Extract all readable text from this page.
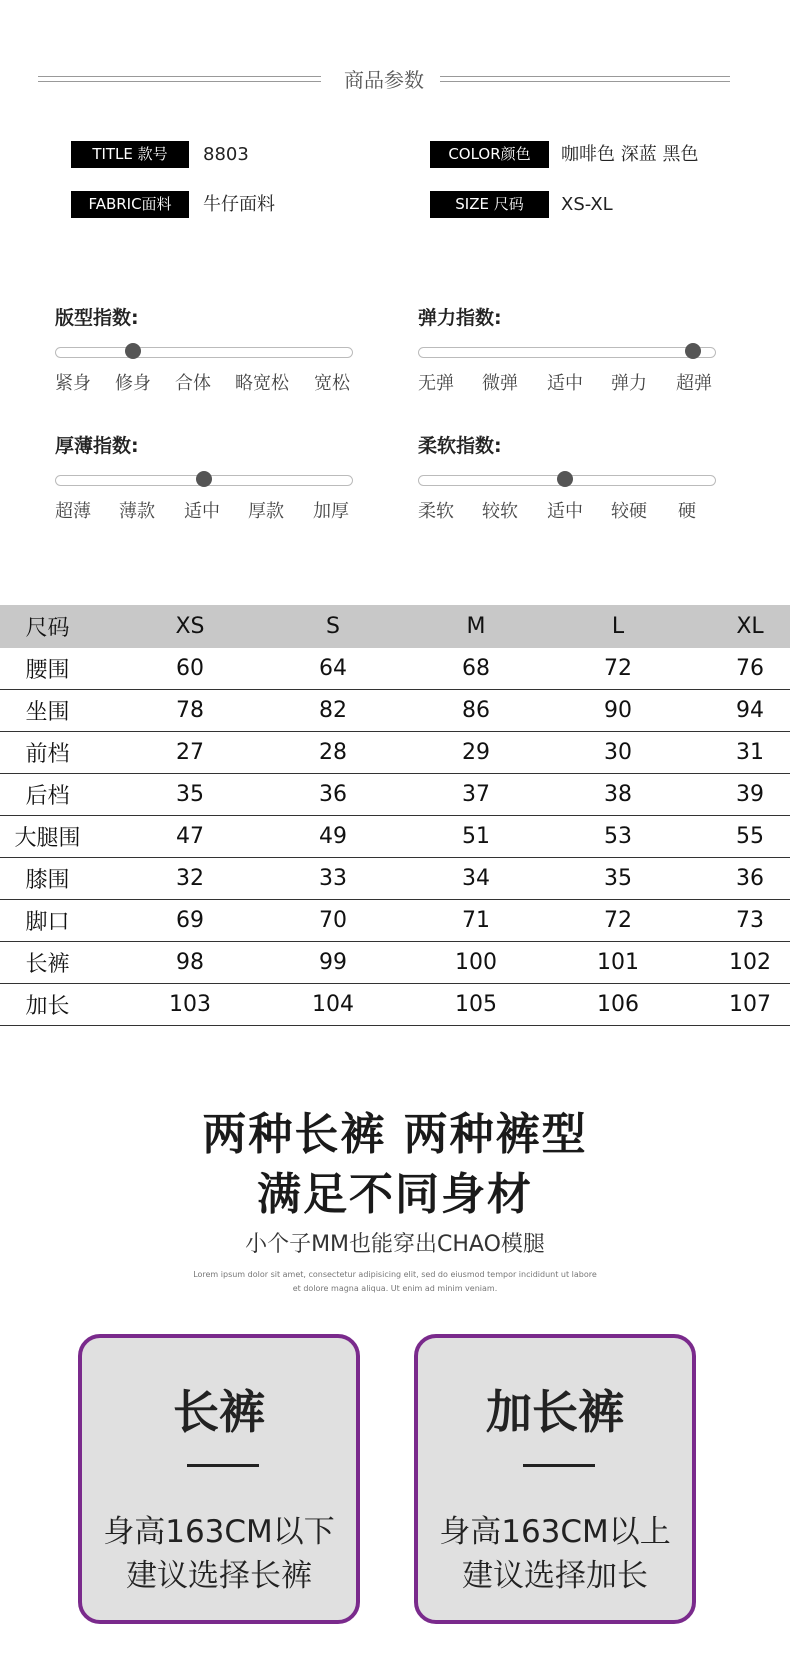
商品参数
TITLE 款号	8803	COLOR颜色	咖啡色 深蓝 黑色
FABRIC面料	牛仔面料	SIZE 尺码	XS-XL
版型指数:
紧身 修身 合体 略宽松 宽松
弹力指数:
无弹 微弹 适中 弹力 超弹
厚薄指数:
超薄 薄款 适中 厚款 加厚
柔软指数:
柔软 较软 适中 较硬 硬
尺码	XS	S	M	L	XL
腰围	60	64	68	72	76
坐围	78	82	86	90	94
前档	27	28	29	30	31
后档	35	36	37	38	39
大腿围	47	49	51	53	55
膝围	32	33	34	35	36
脚口	69	70	71	72	73
长裤	98	99	100	101	102
加长	103	104	105	106	107
两种长裤 两种裤型
满足不同身材
小个子MM也能穿出CHAO模腿
Lorem ipsum dolor sit amet, consectetur adipisicing elit, sed do eiusmod tempor incididunt ut labore
et dolore magna aliqua. Ut enim ad minim veniam.
长裤
身高163CM以下
建议选择长裤
加长裤
身高163CM以上
建议选择加长
